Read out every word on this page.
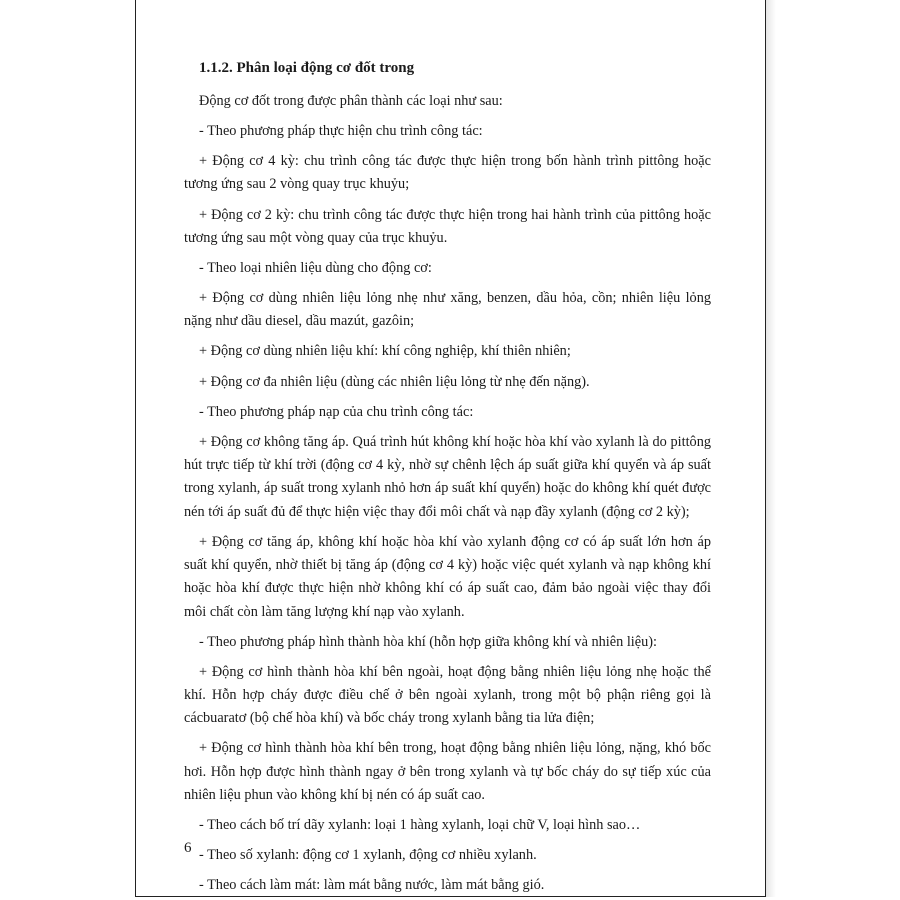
1.1.2. Phân loại động cơ đốt trong

Động cơ đốt trong được phân thành các loại như sau:

- Theo phương pháp thực hiện chu trình công tác:

+ Động cơ 4 kỳ: chu trình công tác được thực hiện trong bốn hành trình pittông hoặc tương ứng sau 2 vòng quay trục khuỷu;

+ Động cơ 2 kỳ: chu trình công tác được thực hiện trong hai hành trình của pittông hoặc tương ứng sau một vòng quay của trục khuỷu.

- Theo loại nhiên liệu dùng cho động cơ:

+ Động cơ dùng nhiên liệu lỏng nhẹ như xăng, benzen, dầu hỏa, cồn; nhiên liệu lỏng nặng như dầu diesel, dầu mazút, gazôin;

+ Động cơ dùng nhiên liệu khí: khí công nghiệp, khí thiên nhiên;

+ Động cơ đa nhiên liệu (dùng các nhiên liệu lỏng từ nhẹ đến nặng).

- Theo phương pháp nạp của chu trình công tác:

+ Động cơ không tăng áp. Quá trình hút không khí hoặc hòa khí vào xylanh là do pittông hút trực tiếp từ khí trời (động cơ 4 kỳ, nhờ sự chênh lệch áp suất giữa khí quyển và áp suất trong xylanh, áp suất trong xylanh nhỏ hơn áp suất khí quyển) hoặc do không khí quét được nén tới áp suất đủ để thực hiện việc thay đổi môi chất và nạp đầy xylanh (động cơ 2 kỳ);

+ Động cơ tăng áp, không khí hoặc hòa khí vào xylanh động cơ có áp suất lớn hơn áp suất khí quyển, nhờ thiết bị tăng áp (động cơ 4 kỳ) hoặc việc quét xylanh và nạp không khí hoặc hòa khí được thực hiện nhờ không khí có áp suất cao, đảm bảo ngoài việc thay đổi môi chất còn làm tăng lượng khí nạp vào xylanh.

- Theo phương pháp hình thành hòa khí (hỗn hợp giữa không khí và nhiên liệu):

+ Động cơ hình thành hòa khí bên ngoài, hoạt động bằng nhiên liệu lỏng nhẹ hoặc thể khí. Hỗn hợp cháy được điều chế ở bên ngoài xylanh, trong một bộ phận riêng gọi là cácbuaratơ (bộ chế hòa khí) và bốc cháy trong xylanh bằng tia lửa điện;

+ Động cơ hình thành hòa khí bên trong, hoạt động bằng nhiên liệu lỏng, nặng, khó bốc hơi. Hỗn hợp được hình thành ngay ở bên trong xylanh và tự bốc cháy do sự tiếp xúc của nhiên liệu phun vào không khí bị nén có áp suất cao.

- Theo cách bố trí dãy xylanh: loại 1 hàng xylanh, loại chữ V, loại hình sao…

- Theo số xylanh: động cơ 1 xylanh, động cơ nhiều xylanh.

- Theo cách làm mát: làm mát bằng nước, làm mát bằng gió.

6
